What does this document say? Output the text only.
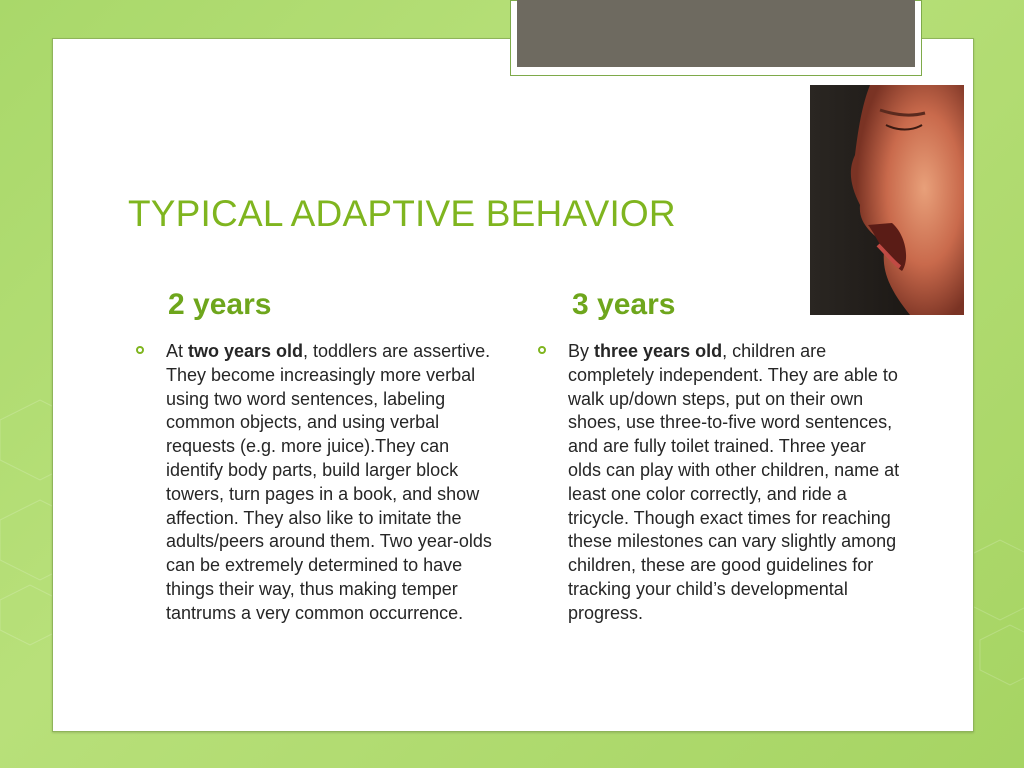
TYPICAL ADAPTIVE BEHAVIOR
2 years	3 years
At two years old, toddlers are assertive. They become increasingly more verbal using two word sentences, labeling common objects, and using verbal requests (e.g. more juice).They can identify body parts, build larger block towers, turn pages in a book, and show affection. They also like to imitate the adults/peers around them. Two year-olds can be extremely determined to have things their way, thus making temper tantrums a very common occurrence.
By three years old, children are completely independent. They are able to walk up/down steps, put on their own shoes, use three-to-five word sentences, and are fully toilet trained. Three year olds can play with other children, name at least one color correctly, and ride a tricycle. Though exact times for reaching these milestones can vary slightly among children, these are good guidelines for tracking your child’s developmental progress.
